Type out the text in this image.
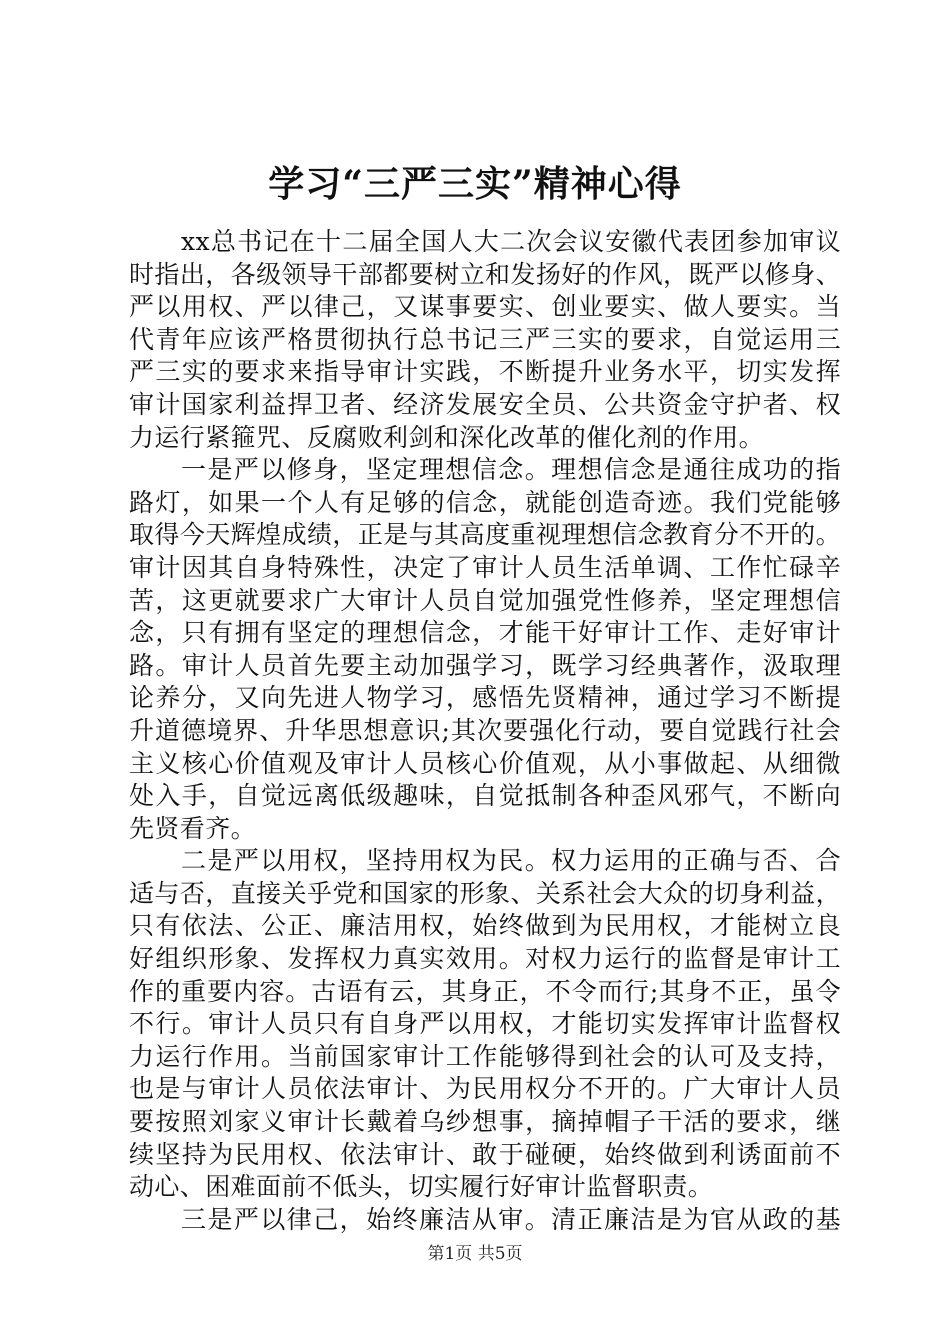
学习“三严三实”精神心得
xx总书记在十二届全国人大二次会议安徽代表团参加审议
时指出，各级领导干部都要树立和发扬好的作风，既严以修身、
严以用权、严以律己，又谋事要实、创业要实、做人要实。当
代青年应该严格贯彻执行总书记三严三实的要求，自觉运用三
严三实的要求来指导审计实践，不断提升业务水平，切实发挥
审计国家利益捍卫者、经济发展安全员、公共资金守护者、权
力运行紧箍咒、反腐败利剑和深化改革的催化剂的作用。
一是严以修身，坚定理想信念。理想信念是通往成功的指
路灯，如果一个人有足够的信念，就能创造奇迹。我们党能够
取得今天辉煌成绩，正是与其高度重视理想信念教育分不开的。
审计因其自身特殊性，决定了审计人员生活单调、工作忙碌辛
苦，这更就要求广大审计人员自觉加强党性修养，坚定理想信
念，只有拥有坚定的理想信念，才能干好审计工作、走好审计
路。审计人员首先要主动加强学习，既学习经典著作，汲取理
论养分，又向先进人物学习，感悟先贤精神，通过学习不断提
升道德境界、升华思想意识;其次要强化行动，要自觉践行社会
主义核心价值观及审计人员核心价值观，从小事做起、从细微
处入手，自觉远离低级趣味，自觉抵制各种歪风邪气，不断向
先贤看齐。
二是严以用权，坚持用权为民。权力运用的正确与否、合
适与否，直接关乎党和国家的形象、关系社会大众的切身利益，
只有依法、公正、廉洁用权，始终做到为民用权，才能树立良
好组织形象、发挥权力真实效用。对权力运行的监督是审计工
作的重要内容。古语有云，其身正，不令而行;其身不正，虽令
不行。审计人员只有自身严以用权，才能切实发挥审计监督权
力运行作用。当前国家审计工作能够得到社会的认可及支持，
也是与审计人员依法审计、为民用权分不开的。广大审计人员
要按照刘家义审计长戴着乌纱想事，摘掉帽子干活的要求，继
续坚持为民用权、依法审计、敢于碰硬，始终做到利诱面前不
动心、困难面前不低头，切实履行好审计监督职责。
三是严以律己，始终廉洁从审。清正廉洁是为官从政的基
第1页 共5页
